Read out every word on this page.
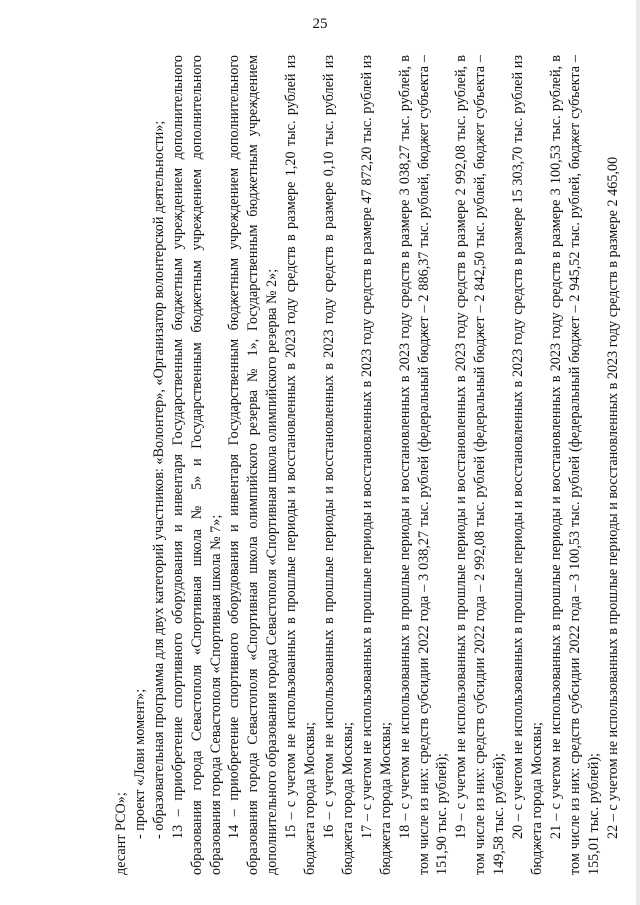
25

десант РСО»; - проект «Лови момент»; - образовательная программа для двух категорий участников: «Волонтер», «Организатор волонтерской деятельности»; 13 – приобретение спортивного оборудования и инвентаря Государственным бюджетным учреждением дополнительного образования города Севастополя «Спортивная школа № 5» и Государственным бюджетным учреждением дополнительного образования города Севастополя «Спортивная школа № 7»; 14 – приобретение спортивного оборудования и инвентаря Государственным бюджетным учреждением дополнительного образования города Севастополя «Спортивная школа олимпийского резерва № 1», Государственным бюджетным учреждением дополнительного образования города Севастополя «Спортивная школа олимпийского резерва № 2»; 15 – с учетом не использованных в прошлые периоды и восстановленных в 2023 году средств в размере 1,20 тыс. рублей из бюджета города Москвы; 16 – с учетом не использованных в прошлые периоды и восстановленных в 2023 году средств в размере 0,10 тыс. рублей из бюджета города Москвы; 17 – с учетом не использованных в прошлые периоды и восстановленных в 2023 году средств в размере 47 872,20 тыс. рублей из бюджета города Москвы; 18 – с учетом не использованных в прошлые периоды и восстановленных в 2023 году средств в размере 3 038,27 тыс. рублей, в том числе из них: средств субсидии 2022 года – 3 038,27 тыс. рублей (федеральный бюджет – 2 886,37 тыс. рублей, бюджет субъекта – 151,90 тыс. рублей); 19 – с учетом не использованных в прошлые периоды и восстановленных в 2023 году средств в размере 2 992,08 тыс. рублей, в том числе из них: средств субсидии 2022 года – 2 992,08 тыс. рублей (федеральный бюджет – 2 842,50 тыс. рублей, бюджет субъекта – 149,58 тыс. рублей); 20 – с учетом не использованных в прошлые периоды и восстановленных в 2023 году средств в размере 15 303,70 тыс. рублей из бюджета города Москвы; 21 – с учетом не использованных в прошлые периоды и восстановленных в 2023 году средств в размере 3 100,53 тыс. рублей, в том числе из них: средств субсидии 2022 года – 3 100,53 тыс. рублей (федеральный бюджет – 2 945,52 тыс. рублей, бюджет субъекта – 155,01 тыс. рублей); 22 – с учетом не использованных в прошлые периоды и восстановленных в 2023 году средств в размере 2 465,00
